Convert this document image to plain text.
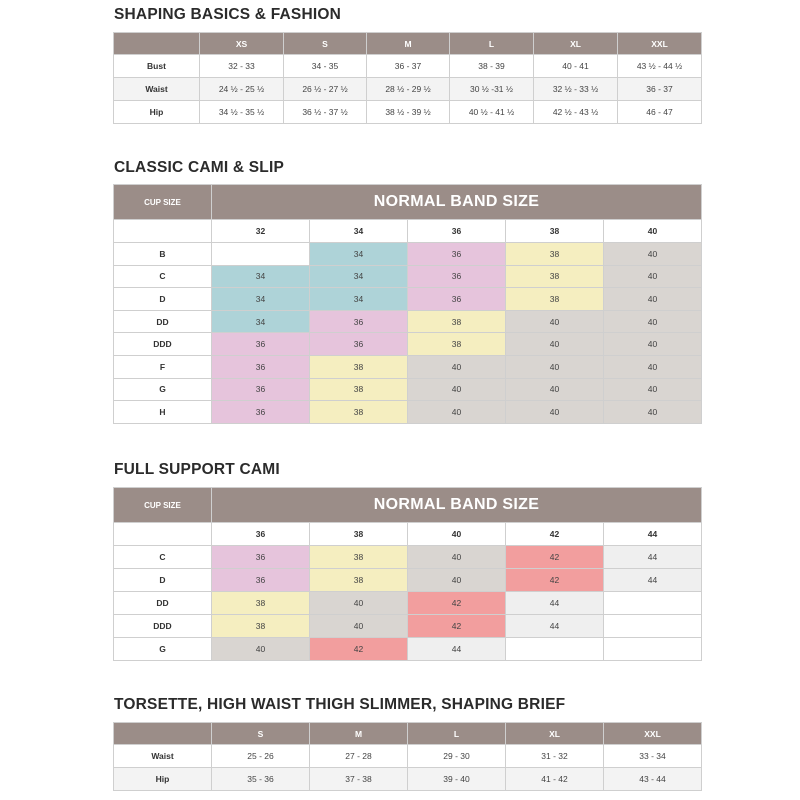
SHAPING BASICS & FASHION
	XS	S	M	L	XL	XXL
Bust	32 - 33	34 - 35	36 - 37	38 - 39	40 - 41	43 ½ - 44 ½
Waist	24 ½ - 25 ½	26 ½ - 27 ½	28 ½ - 29 ½	30 ½ -31 ½	32 ½ - 33 ½	36 - 37
Hip	34 ½ - 35 ½	36 ½ - 37 ½	38 ½ - 39 ½	40 ½ - 41 ½	42 ½ - 43 ½	46 - 47
CLASSIC CAMI & SLIP
CUP SIZE	NORMAL BAND SIZE				
	32	34	36	38	40
B		34	36	38	40
C	34	34	36	38	40
D	34	34	36	38	40
DD	34	36	38	40	40
DDD	36	36	38	40	40
F	36	38	40	40	40
G	36	38	40	40	40
H	36	38	40	40	40
FULL SUPPORT CAMI
CUP SIZE	NORMAL BAND SIZE				
	36	38	40	42	44
C	36	38	40	42	44
D	36	38	40	42	44
DD	38	40	42	44	
DDD	38	40	42	44	
G	40	42	44		
TORSETTE, HIGH WAIST THIGH SLIMMER, SHAPING BRIEF
	S	M	L	XL	XXL
Waist	25 - 26	27 - 28	29 - 30	31 - 32	33 - 34
Hip	35 - 36	37 - 38	39 - 40	41 - 42	43 - 44
